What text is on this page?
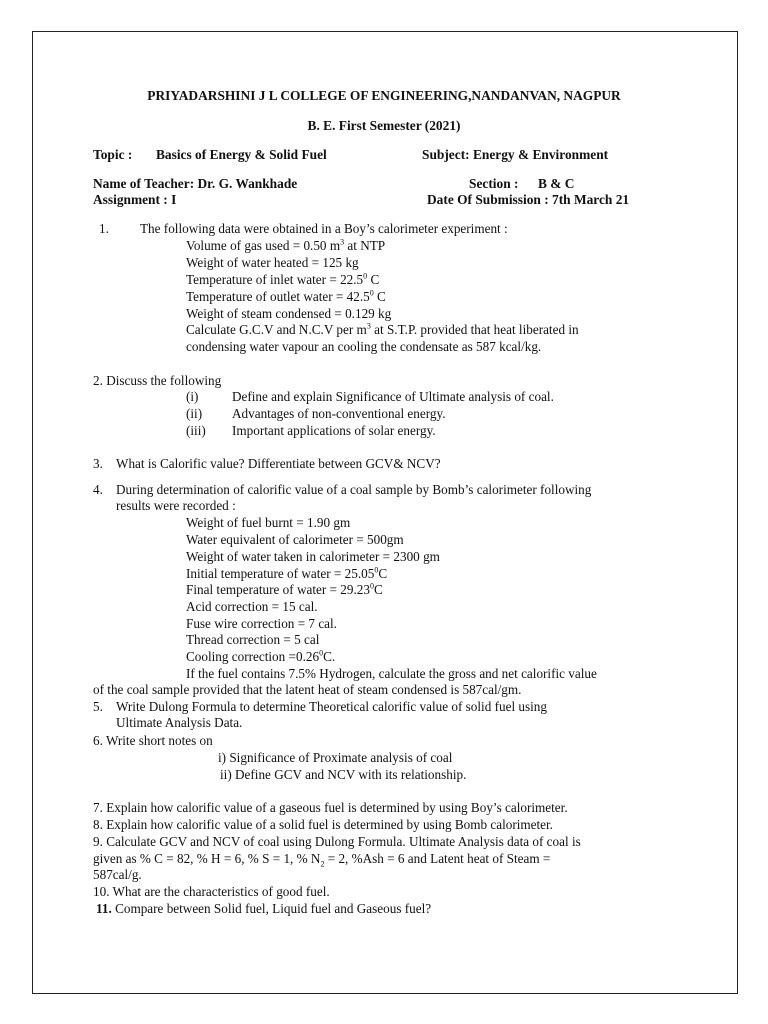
PRIYADARSHINI J L COLLEGE OF ENGINEERING,NANDANVAN, NAGPUR
B. E. First Semester (2021)
Topic : Basics of Energy & Solid Fuel	Subject: Energy & Environment
Name of Teacher: Dr. G. Wankhade	Section : B & C
Assignment : I	Date Of Submission : 7th March 21
1. The following data were obtained in a Boy’s calorimeter experiment :
Volume of gas used = 0.50 $m^3$ at NTP
Weight of water heated = 125 kg
Temperature of inlet water = $22.5^0$ C
Temperature of outlet water = $42.5^0$ C
Weight of steam condensed = 0.129 kg
Calculate G.C.V and N.C.V per $m^3$ at S.T.P. provided that heat liberated in
condensing water vapour an cooling the condensate as 587 kcal/kg.
2. Discuss the following
(i)	Define and explain Significance of Ultimate analysis of coal.
(ii) Advantages of non-conventional energy.
(iii) Important applications of solar energy.
3. What is Calorific value? Differentiate between GCV& NCV?
4. During determination of calorific value of a coal sample by Bomb’s calorimeter following
results were recorded :
Weight of fuel burnt = 1.90 gm
Water equivalent of calorimeter = 500gm
Weight of water taken in calorimeter = 2300 gm
Initial temperature of water = $25.05^0C$
Final temperature of water = $29.23^0C$
Acid correction = 15 cal.
Fuse wire correction = 7 cal.
Thread correction = 5 cal
Cooling correction $=0.26^0C$.
If the fuel contains 7.5% Hydrogen, calculate the gross and net calorific value
of the coal sample provided that the latent heat of steam condensed is 587cal/gm.
5. Write Dulong Formula to determine Theoretical calorific value of solid fuel using
Ultimate Analysis Data.
6. Write short notes on
i) Significance of Proximate analysis of coal
ii) Define GCV and NCV with its relationship.
7. Explain how calorific value of a gaseous fuel is determined by using Boy’s calorimeter.
8. Explain how calorific value of a solid fuel is determined by using Bomb calorimeter.
9. Calculate GCV and NCV of coal using Dulong Formula. Ultimate Analysis data of coal is
given as % C = 82, % H = 6, % S = 1, % $N_2 = 2$, %Ash = 6 and Latent heat of Steam =
587cal/g.
10. What are the characteristics of good fuel.
11. Compare between Solid fuel, Liquid fuel and Gaseous fuel?
